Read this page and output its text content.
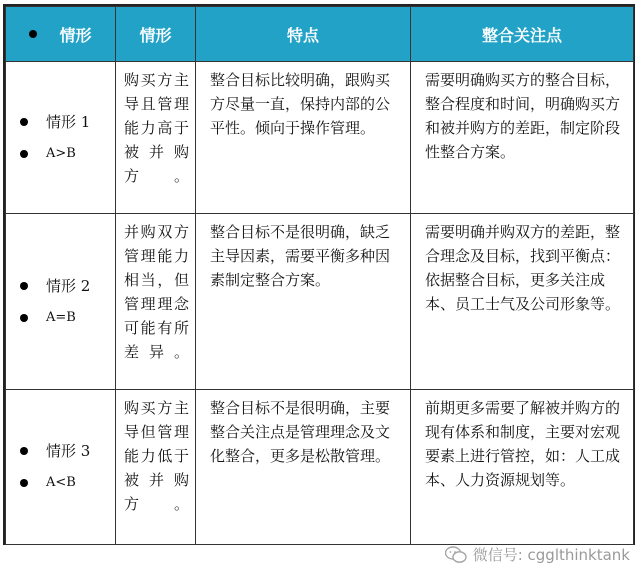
情形	情形	特点	整合关注点

情形 1
A>B	购买方主导且管理能力高于被并购方。	整合目标比较明确，跟购买方尽量一直，保持内部的公平性。倾向于操作管理。	需要明确购买方的整合目标，整合程度和时间，明确购买方和被并购方的差距，制定阶段性整合方案。

情形 2
A=B	并购双方管理能力相当，但管理理念可能有所差异。	整合目标不是很明确，缺乏主导因素，需要平衡多种因素制定整合方案。	需要明确并购双方的差距，整合理念及目标，找到平衡点：依据整合目标，更多关注成本、员工士气及公司形象等。

情形 3
A<B	购买方主导但管理能力低于被并购方。	整合目标不是很明确，主要整合关注点是管理理念及文化整合，更多是松散管理。	前期更多需要了解被并购方的现有体系和制度，主要对宏观要素上进行管控，如：人工成本、人力资源规划等。
微信号: cgglthinktank
